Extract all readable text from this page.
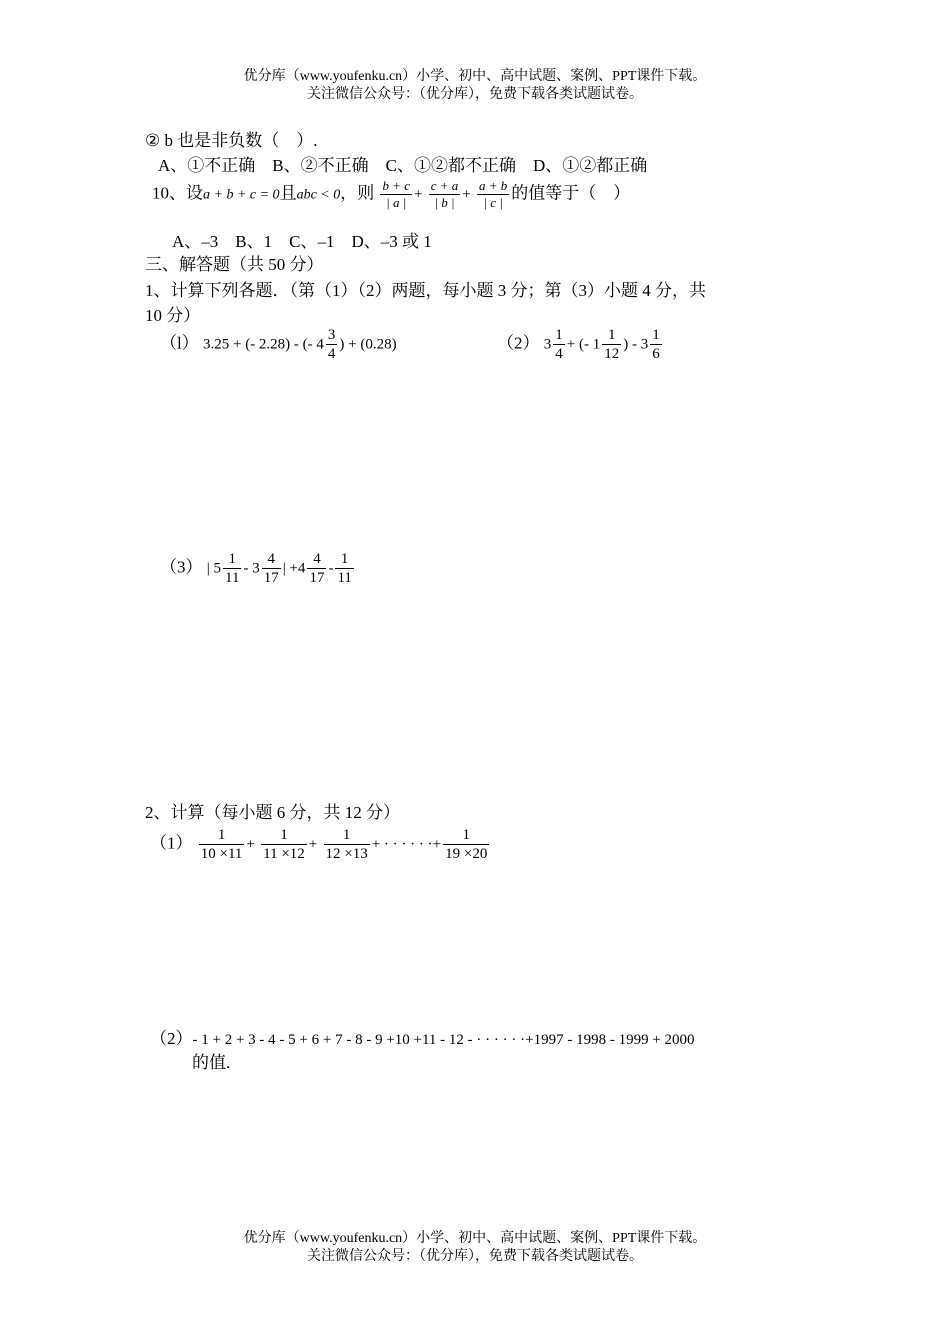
优分库（www.youfenku.cn）小学、初中、高中试题、案例、PPT课件下载。
关注微信公众号：（优分库），免费下载各类试题试卷。
② b 也是非负数（　）.
A、①不正确　B、②不正确　C、①②都不正确　D、①②都正确
10、设a + b + c = 0且abc < 0，则 $\frac{b + c}{| a |} + \frac{c + a}{| b |} + \frac{a + b}{| c |}$ 的值等于（　）
A、–3　B、1　C、–1　D、–3 或 1
三、解答题（共 50 分）
1、计算下列各题．（第（1）（2）两题，每小题 3 分；第（3）小题 4 分，共
10 分）
（l） 3.25 + (- 2.28) - (- $4 \frac{3}{4}$ ) + (0.28)	（2） $3 \frac{1}{4}$ + (- $1 \frac{1}{12}$ ) - $3 \frac{1}{6}$
（3） | $5 \frac{1}{11} - 3 \frac{4}{17}$ | $+4 \frac{4}{17} - \frac{1}{11}$
2、计算（每小题 6 分，共 12 分）
$(1) \frac{1}{10 \times 11} + \frac{1}{11 \times 12} + \frac{1}{12 \times 13}$ + · · · · · ·+ $\frac{1}{19 \times 20}$
（2）- 1 + 2 + 3 - 4 - 5 + 6 + 7 - 8 - 9 +10 +11 - 12 - · · · · · ·+1997 - 1998 - 1999 + 2000
的值.
优分库（www.youfenku.cn）小学、初中、高中试题、案例、PPT课件下载。
关注微信公众号：（优分库），免费下载各类试题试卷。
